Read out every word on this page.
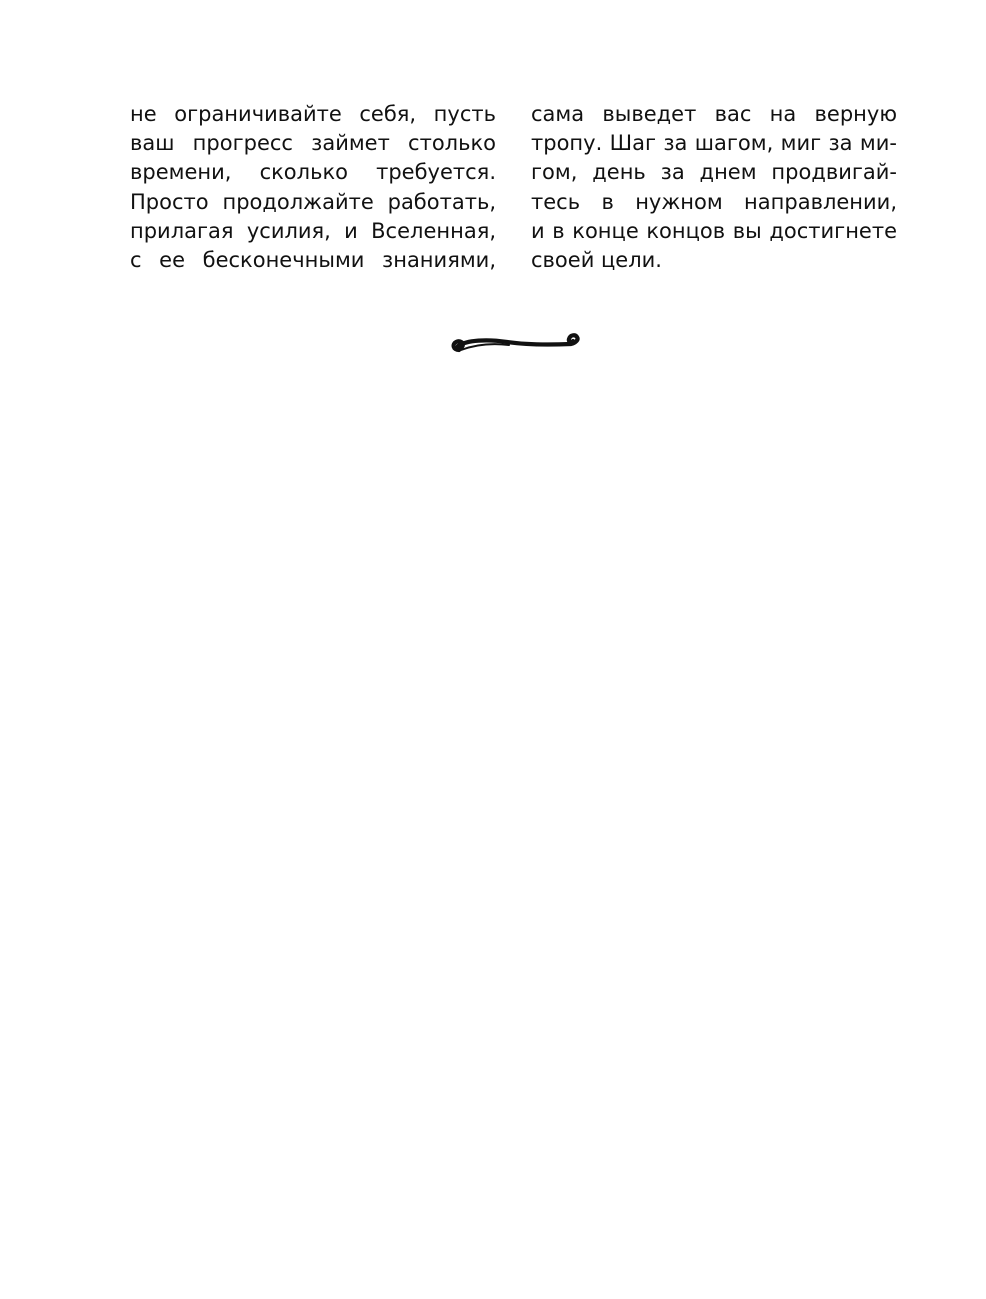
не ограничивайте себя, пусть
ваш прогресс займет столько
времени, сколько требуется.
Просто продолжайте работать,
прилагая усилия, и Вселенная,
с ее бесконечными знаниями,
сама выведет вас на верную
тропу. Шаг за шагом, миг за ми-
гом, день за днем продвигай-
тесь в нужном направлении,
и в конце концов вы достигнете
своей цели.
